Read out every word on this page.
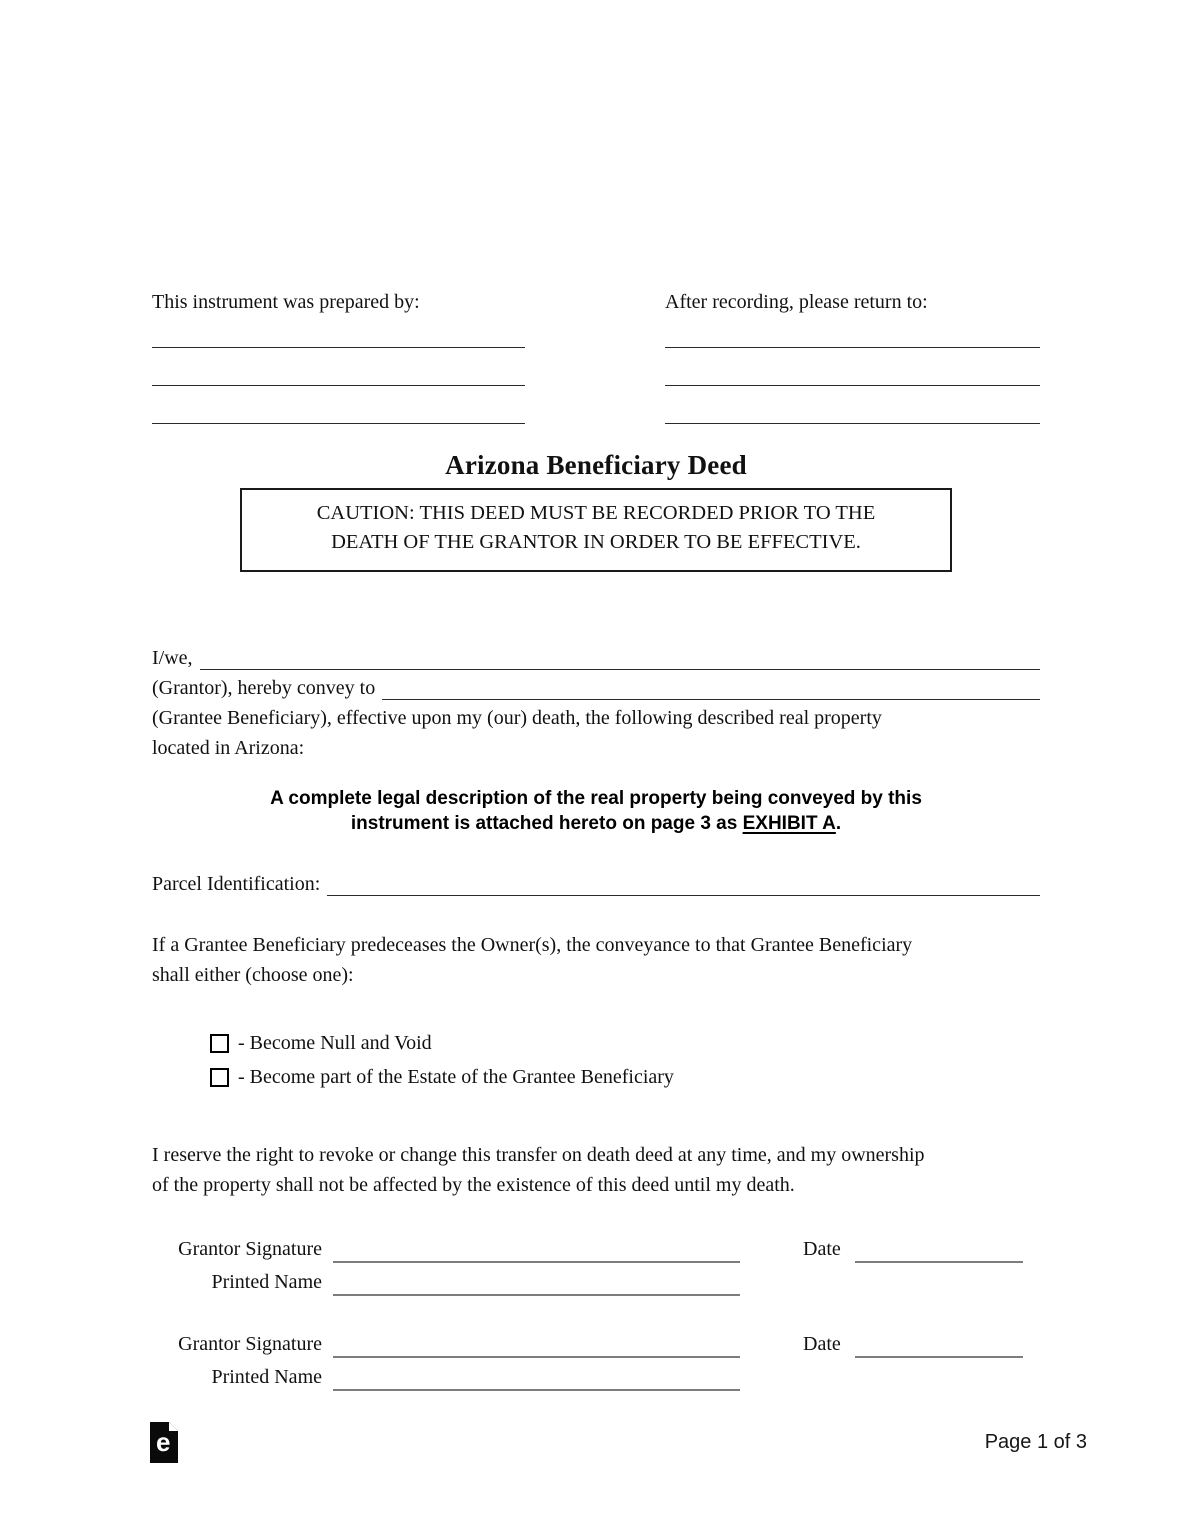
This instrument was prepared by:	After recording, please return to:
Arizona Beneficiary Deed
CAUTION: THIS DEED MUST BE RECORDED PRIOR TO THE
DEATH OF THE GRANTOR IN ORDER TO BE EFFECTIVE.
I/we,
(Grantor), hereby convey to
(Grantee Beneficiary), effective upon my (our) death, the following described real property
located in Arizona:
A complete legal description of the real property being conveyed by this
instrument is attached hereto on page 3 as EXHIBIT A.
Parcel Identification:
If a Grantee Beneficiary predeceases the Owner(s), the conveyance to that Grantee Beneficiary
shall either (choose one):
- Become Null and Void
- Become part of the Estate of the Grantee Beneficiary
I reserve the right to revoke or change this transfer on death deed at any time, and my ownership
of the property shall not be affected by the existence of this deed until my death.
Grantor Signature	Date
Printed Name
Grantor Signature	Date
Printed Name
e	Page 1 of 3
